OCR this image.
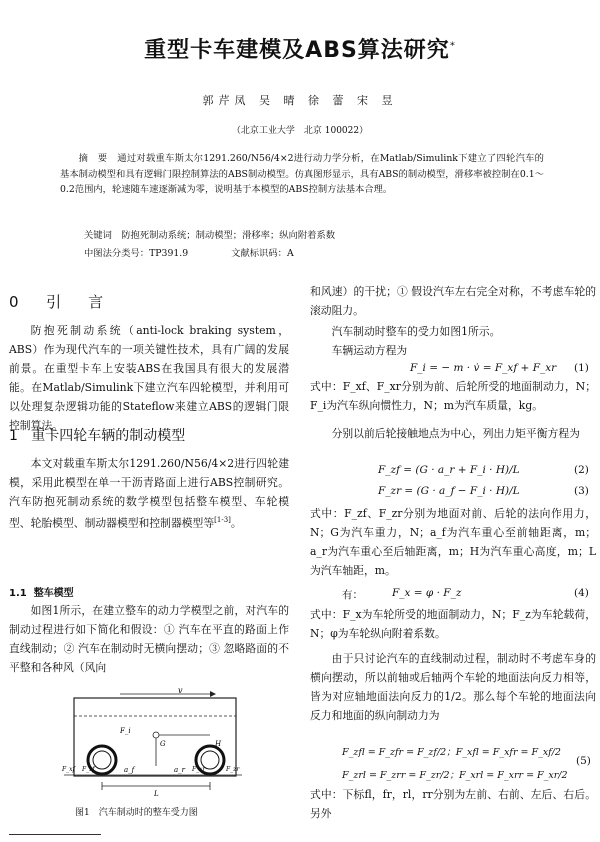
重型卡车建模及ABS算法研究*
郭芹凤 吴 晴 徐 蕾 宋 昱
（北京工业大学　北京 100022）

摘　要 通过对载重车斯太尔1291.260/N56/4×2进行动力学分析，在Matlab/Simulink下建立了四轮汽车的基本制动模型和具有逻辑门限控制算法的ABS制动模型。仿真图形显示，具有ABS的制动模型，滑移率被控制在0.1～0.2范围内，轮速随车速逐渐减为零，说明基于本模型的ABS控制方法基本合理。

关键词　 防抱死制动系统；制动模型；滑移率；纵向附着系数
中图法分类号：TP391.9	文献标识码：A
0 引　言

防抱死制动系统（anti-lock braking system，ABS）作为现代汽车的一项关键性技术，具有广阔的发展前景。在重型卡车上安装ABS在我国具有很大的发展潜能。在Matlab/Simulink下建立汽车四轮模型，并利用可以处理复杂逻辑功能的Stateflow来建立ABS的逻辑门限控制算法。

1 重卡四轮车辆的制动模型

本文对载重车斯太尔1291.260/N56/4×2进行四轮建模，采用此模型在单一干沥青路面上进行ABS控制研究。汽车防抱死制动系统的数学模型包括整车模型、车轮模型、轮胎模型、制动器模型和控制器模型等[1-3]。

1.1 整车模型

如图1所示，在建立整车的动力学模型之前，对汽车的制动过程进行如下简化和假设：① 汽车在平直的路面上作直线制动；② 汽车在制动时无横向摆动；③ 忽略路面的不平整和各种风（风向

v
F_i
G	H
F_xf F_zf	a_f	a_r F_xr	F_zr
L
图1　汽车制动时的整车受力图

和风速）的干扰；① 假设汽车左右完全对称，不考虑车轮的滚动阻力。

汽车制动时整车的受力如图1所示。

车辆运动方程为

F_i = − m · v̇ = F_xf + F_xr (1)

式中：F_xf、F_xr分别为前、后轮所受的地面制动力，N；F_i为汽车纵向惯性力，N；m为汽车质量，kg。

分别以前后轮接触地点为中心，列出力矩平衡方程为

F_zf = (G · a_r + F_i · H)/L	(2)
F_zr = (G · a_f − F_i · H)/L	(3)

式中：F_zf、F_zr分别为地面对前、后轮的法向作用力，N；G为汽车重力，N；a_f为汽车重心至前轴距离，m；a_r为汽车重心至后轴距离，m；H为汽车重心高度，m；L为汽车轴距，m。

有：	F_x = φ · F_z	(4)

式中：F_x为车轮所受的地面制动力，N；F_z为车轮载荷，N；φ为车轮纵向附着系数。

由于只讨论汽车的直线制动过程，制动时不考虑车身的横向摆动，所以前轴或后轴两个车轮的地面法向反力相等，皆为对应轴地面法向反力的1/2。那么每个车轮的地面法向反力和地面的纵向制动力为

F_zfl = F_zfr = F_zf/2；F_xfl = F_xfr = F_xf/2
F_zrl = F_zrr = F_zr/2；F_xrl = F_xrr = F_xr/2
(5)

式中：下标fl，fr，rl，rr分别为左前、右前、左后、右后。另外
